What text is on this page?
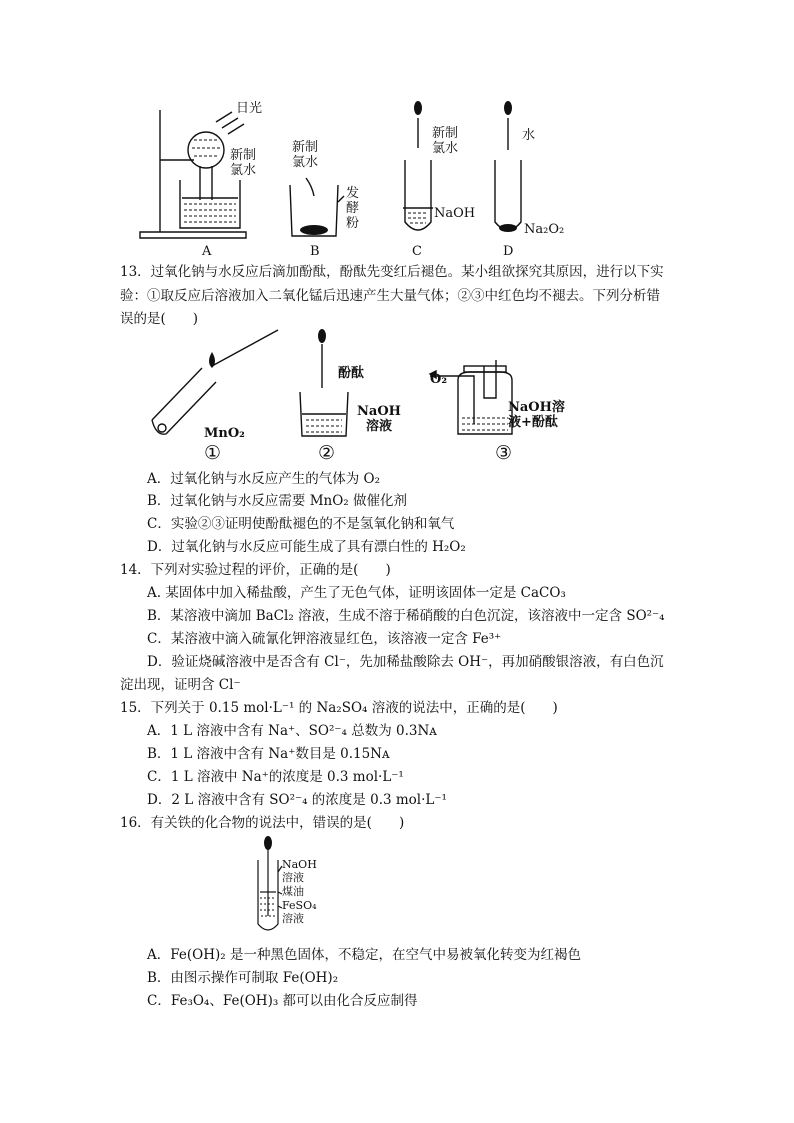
日光
新制
氯水
新制
氯水
发
酵
粉
新制
氯水
NaOH
水
Na₂O₂
A	B	C	D
13．过氧化钠与水反应后滴加酚酞，酚酞先变红后褪色。某小组欲探究其原因，进行以下实
验：①取反应后溶液加入二氧化锰后迅速产生大量气体；②③中红色均不褪去。下列分析错
误的是(　　)
MnO₂
酚酞
NaOH
溶液
O₂
NaOH溶
液+酚酞
①	②	③
A．过氧化钠与水反应产生的气体为 O₂
B．过氧化钠与水反应需要 MnO₂ 做催化剂
C．实验②③证明使酚酞褪色的不是氢氧化钠和氧气
D．过氧化钠与水反应可能生成了具有漂白性的 H₂O₂
14．下列对实验过程的评价，正确的是(　　)
A. 某固体中加入稀盐酸，产生了无色气体，证明该固体一定是 CaCO₃
B．某溶液中滴加 BaCl₂ 溶液，生成不溶于稀硝酸的白色沉淀，该溶液中一定含 SO²⁻₄
C．某溶液中滴入硫氰化钾溶液显红色，该溶液一定含 Fe³⁺
D．验证烧碱溶液中是否含有 Cl⁻，先加稀盐酸除去 OH⁻，再加硝酸银溶液，有白色沉
淀出现，证明含 Cl⁻
15．下列关于 0.15 mol·L⁻¹ 的 Na₂SO₄ 溶液的说法中，正确的是(　　)
A．1 L 溶液中含有 Na⁺、SO²⁻₄ 总数为 0.3Nᴀ
B．1 L 溶液中含有 Na⁺数目是 0.15Nᴀ
C．1 L 溶液中 Na⁺的浓度是 0.3 mol·L⁻¹
D．2 L 溶液中含有 SO²⁻₄ 的浓度是 0.3 mol·L⁻¹
16．有关铁的化合物的说法中，错误的是(　　)
NaOH
溶液
煤油
FeSO₄
溶液
A．Fe(OH)₂ 是一种黑色固体，不稳定，在空气中易被氧化转变为红褐色
B．由图示操作可制取 Fe(OH)₂
C．Fe₃O₄、Fe(OH)₃ 都可以由化合反应制得
